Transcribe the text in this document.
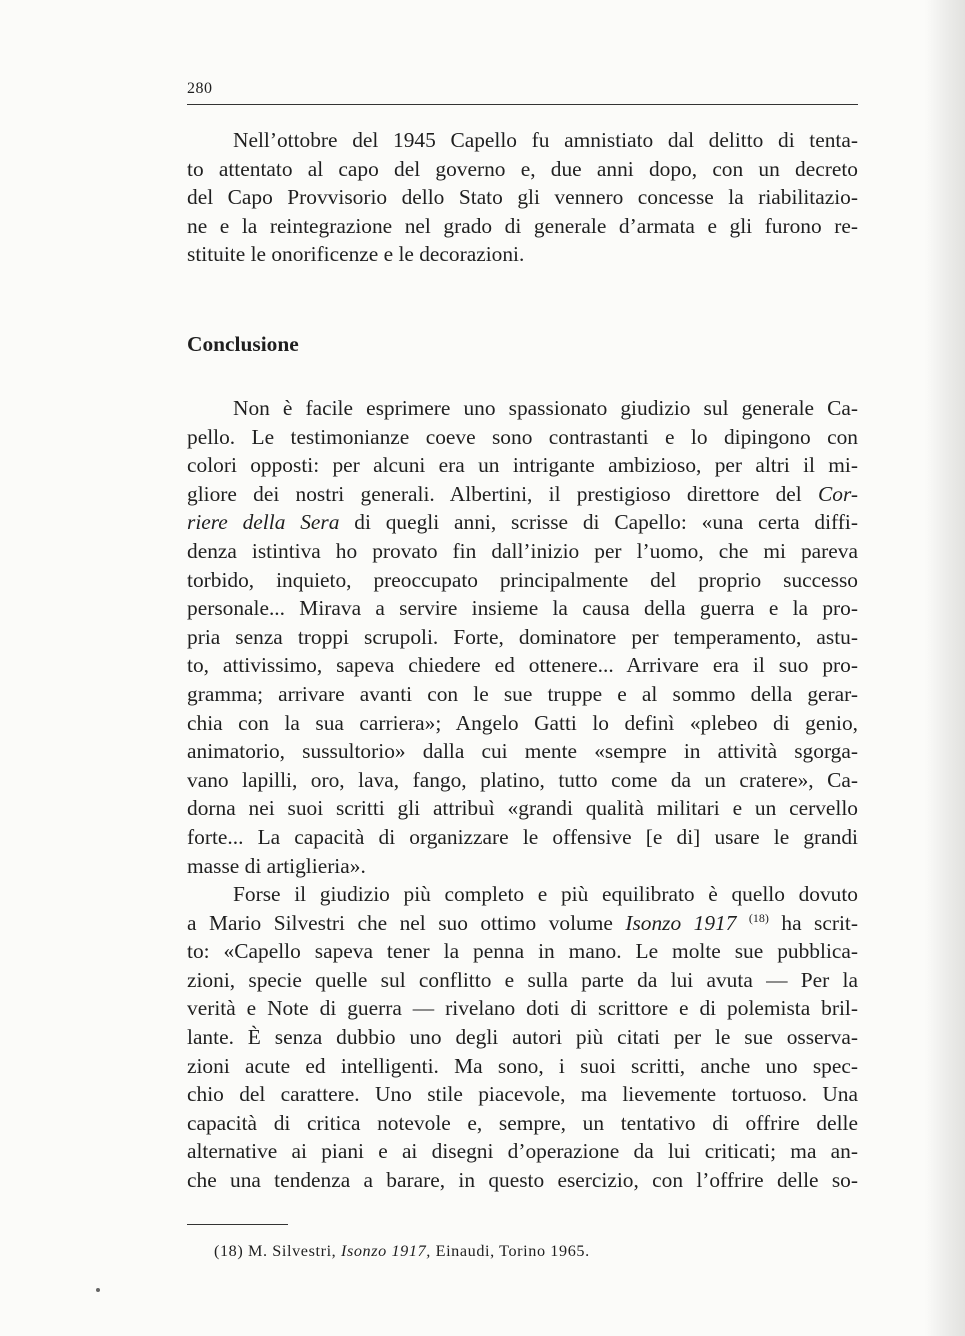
280

Nell’ottobre del 1945 Capello fu amnistiato dal delitto di tenta-
to attentato al capo del governo e, due anni dopo, con un decreto
del Capo Provvisorio dello Stato gli vennero concesse la riabilitazio-
ne e la reintegrazione nel grado di generale d’armata e gli furono re-
stituite le onorificenze e le decorazioni.

Conclusione

Non è facile esprimere uno spassionato giudizio sul generale Ca-
pello. Le testimonianze coeve sono contrastanti e lo dipingono con
colori opposti: per alcuni era un intrigante ambizioso, per altri il mi-
gliore dei nostri generali. Albertini, il prestigioso direttore del Cor-
riere della Sera di quegli anni, scrisse di Capello: «una certa diffi-
denza istintiva ho provato fin dall’inizio per l’uomo, che mi pareva
torbido, inquieto, preoccupato principalmente del proprio successo
personale... Mirava a servire insieme la causa della guerra e la pro-
pria senza troppi scrupoli. Forte, dominatore per temperamento, astu-
to, attivissimo, sapeva chiedere ed ottenere... Arrivare era il suo pro-
gramma; arrivare avanti con le sue truppe e al sommo della gerar-
chia con la sua carriera»; Angelo Gatti lo definì «plebeo di genio,
animatorio, sussultorio» dalla cui mente «sempre in attività sgorga-
vano lapilli, oro, lava, fango, platino, tutto come da un cratere», Ca-
dorna nei suoi scritti gli attribuì «grandi qualità militari e un cervello
forte... La capacità di organizzare le offensive [e di] usare le grandi
masse di artiglieria».

Forse il giudizio più completo e più equilibrato è quello dovuto
a Mario Silvestri che nel suo ottimo volume Isonzo 1917 $^{(18)}$ ha scrit-
to: «Capello sapeva tener la penna in mano. Le molte sue pubblica-
zioni, specie quelle sul conflitto e sulla parte da lui avuta — Per la
verità e Note di guerra — rivelano doti di scrittore e di polemista bril-
lante. È senza dubbio uno degli autori più citati per le sue osserva-
zioni acute ed intelligenti. Ma sono, i suoi scritti, anche uno spec-
chio del carattere. Uno stile piacevole, ma lievemente tortuoso. Una
capacità di critica notevole e, sempre, un tentativo di offrire delle
alternative ai piani e ai disegni d’operazione da lui criticati; ma an-
che una tendenza a barare, in questo esercizio, con l’offrire delle so-

(18) M. Silvestri, Isonzo 1917, Einaudi, Torino 1965.
